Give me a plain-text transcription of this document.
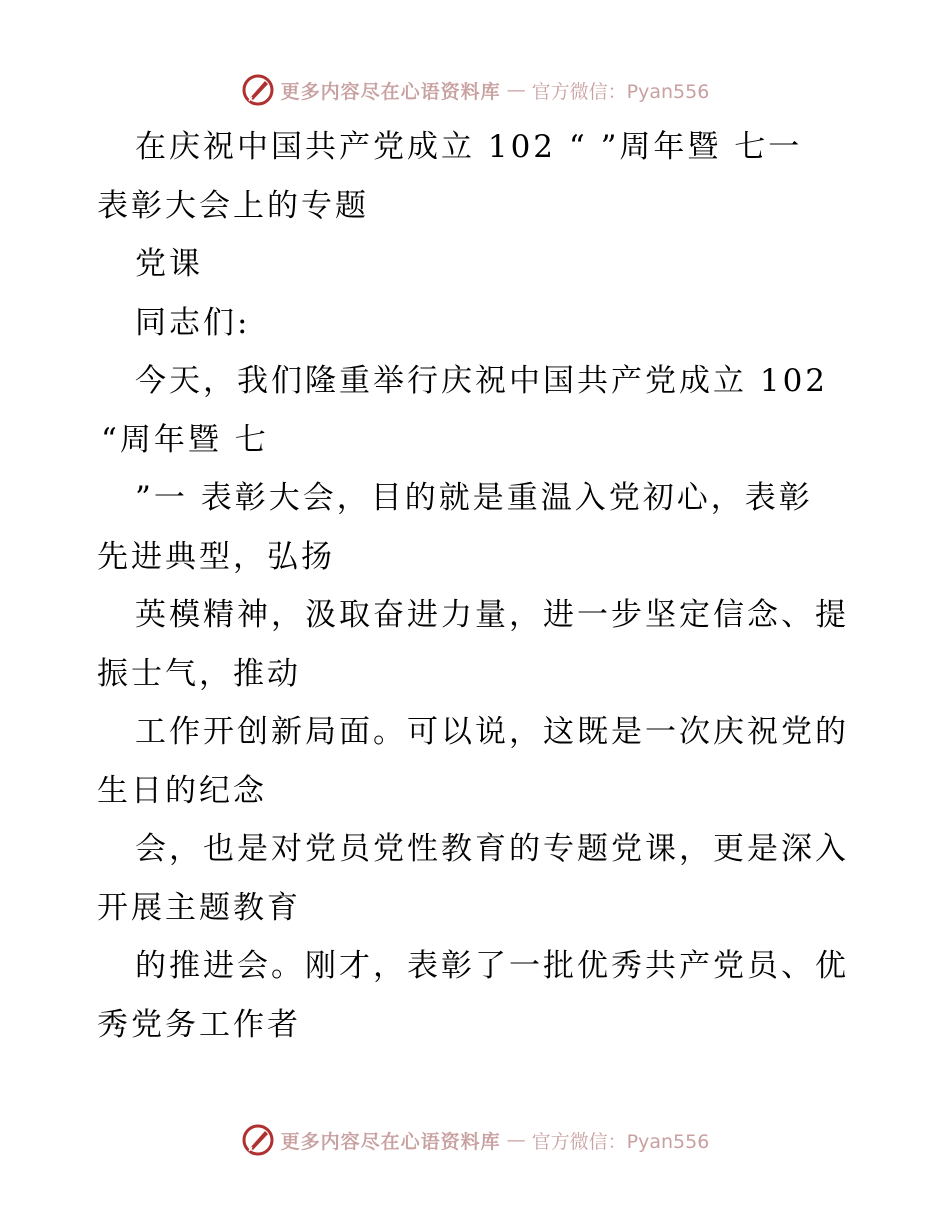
更多内容尽在心语资料库 — 官方微信：Pyan556
在庆祝中国共产党成立 102 “ ”周年暨 七一
表彰大会上的专题
党课
同志们:
今天，我们隆重举行庆祝中国共产党成立 102
“周年暨 七
”一 表彰大会，目的就是重温入党初心，表彰
先进典型，弘扬
英模精神，汲取奋进力量，进一步坚定信念、提
振士气，推动
工作开创新局面。可以说，这既是一次庆祝党的
生日的纪念
会，也是对党员党性教育的专题党课，更是深入
开展主题教育
的推进会。刚才，表彰了一批优秀共产党员、优
秀党务工作者
更多内容尽在心语资料库 — 官方微信：Pyan556
